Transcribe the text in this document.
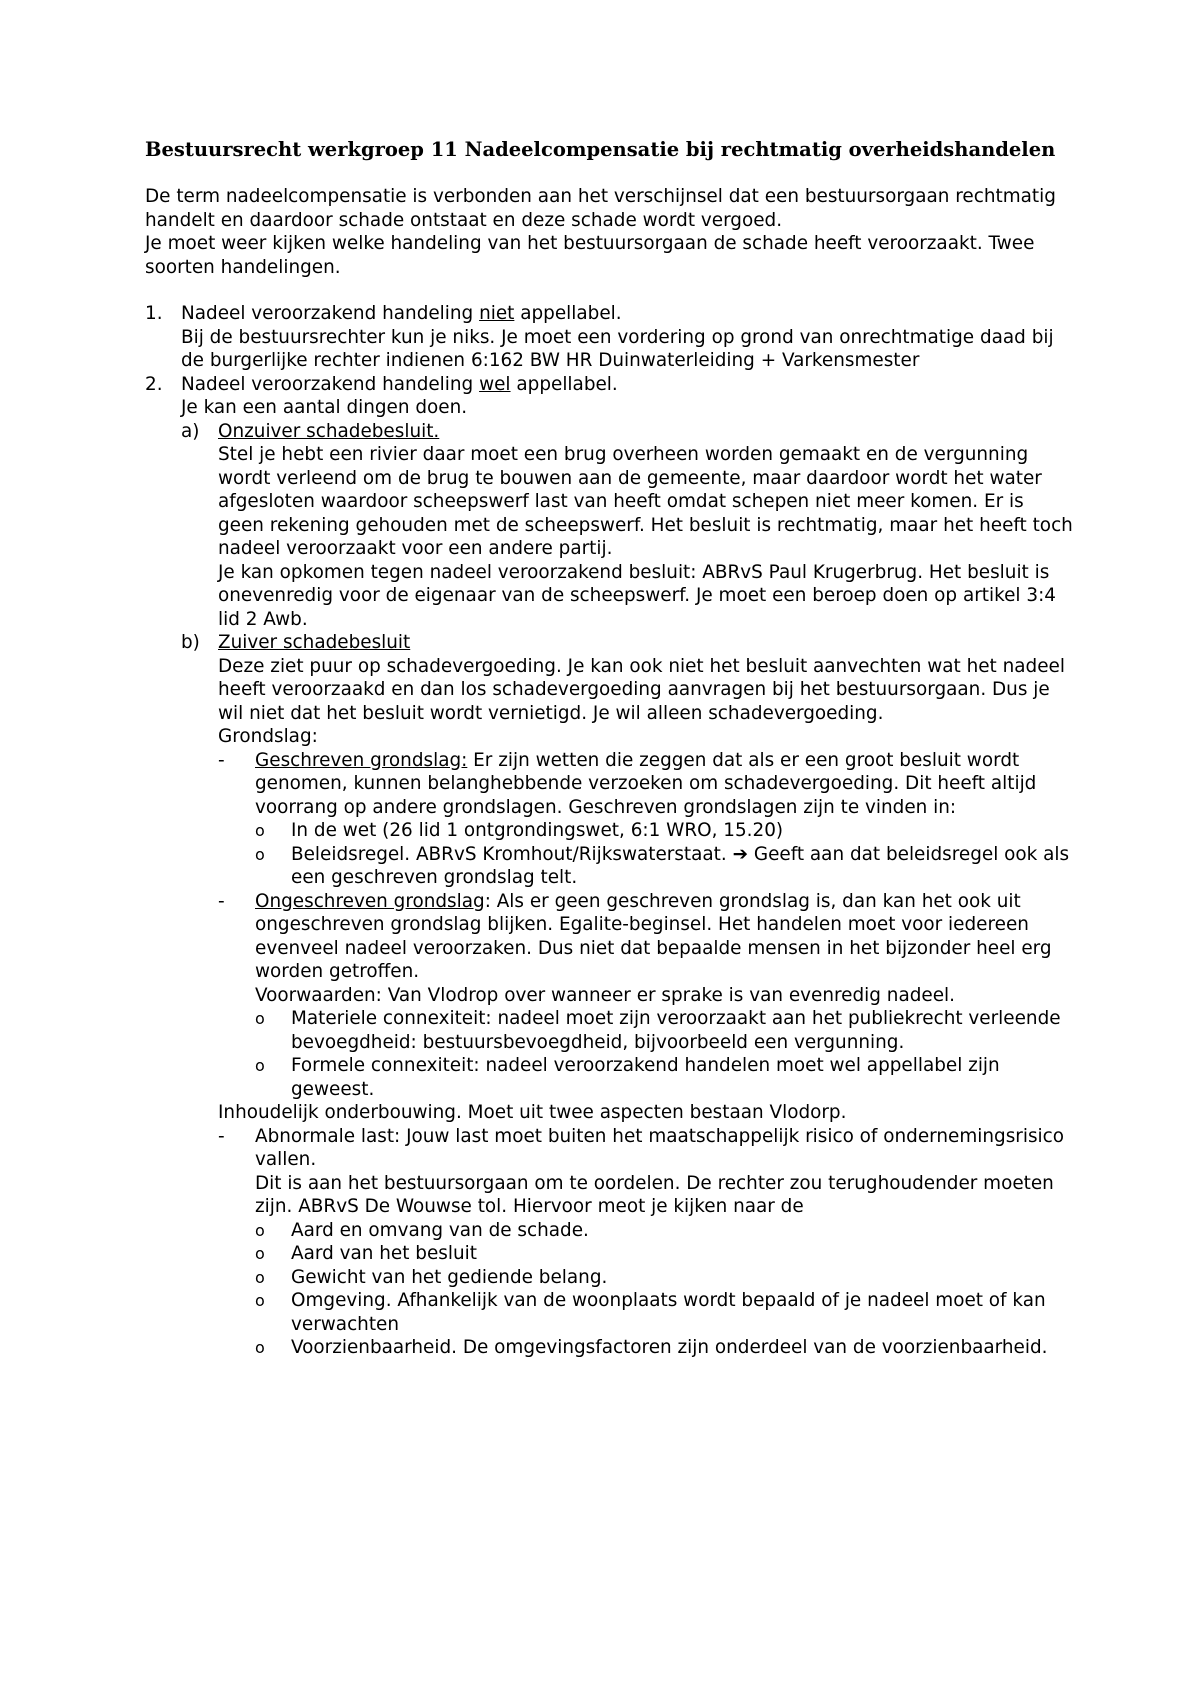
Bestuursrecht werkgroep 11 Nadeelcompensatie bij rechtmatig overheidshandelen

De term nadeelcompensatie is verbonden aan het verschijnsel dat een bestuursorgaan rechtmatig handelt en daardoor schade ontstaat en deze schade wordt vergoed.

Je moet weer kijken welke handeling van het bestuursorgaan de schade heeft veroorzaakt. Twee soorten handelingen.

1.	Nadeel veroorzakend handeling niet appellabel.

Bij de bestuursrechter kun je niks. Je moet een vordering op grond van onrechtmatige daad bij de burgerlijke rechter indienen 6:162 BW HR Duinwaterleiding + Varkensmester

2.	Nadeel veroorzakend handeling wel appellabel.

Je kan een aantal dingen doen.

a)	Onzuiver schadebesluit.

Stel je hebt een rivier daar moet een brug overheen worden gemaakt en de vergunning wordt verleend om de brug te bouwen aan de gemeente, maar daardoor wordt het water afgesloten waardoor scheepswerf last van heeft omdat schepen niet meer komen. Er is geen rekening gehouden met de scheepswerf. Het besluit is rechtmatig, maar het heeft toch nadeel veroorzaakt voor een andere partij.

Je kan opkomen tegen nadeel veroorzakend besluit: ABRvS Paul Krugerbrug. Het besluit is onevenredig voor de eigenaar van de scheepswerf. Je moet een beroep doen op artikel 3:4 lid 2 Awb.

b) Zuiver schadebesluit

Deze ziet puur op schadevergoeding. Je kan ook niet het besluit aanvechten wat het nadeel heeft veroorzaakd en dan los schadevergoeding aanvragen bij het bestuursorgaan. Dus je wil niet dat het besluit wordt vernietigd. Je wil alleen schadevergoeding.

Grondslag:

-	Geschreven grondslag: Er zijn wetten die zeggen dat als er een groot besluit wordt genomen, kunnen belanghebbende verzoeken om schadevergoeding. Dit heeft altijd voorrang op andere grondslagen. Geschreven grondslagen zijn te vinden in:

o	In de wet (26 lid 1 ontgrondingswet, 6:1 WRO, 15.20)

o	Beleidsregel. ABRvS Kromhout/Rijkswaterstaat. ➔ Geeft aan dat beleidsregel ook als een geschreven grondslag telt.

-	Ongeschreven grondslag: Als er geen geschreven grondslag is, dan kan het ook uit ongeschreven grondslag blijken. Egalite-beginsel. Het handelen moet voor iedereen evenveel nadeel veroorzaken. Dus niet dat bepaalde mensen in het bijzonder heel erg worden getroffen.

Voorwaarden: Van Vlodrop over wanneer er sprake is van evenredig nadeel.

o	Materiele connexiteit: nadeel moet zijn veroorzaakt aan het publiekrecht verleende bevoegdheid: bestuursbevoegdheid, bijvoorbeeld een vergunning.

o	Formele connexiteit: nadeel veroorzakend handelen moet wel appellabel zijn geweest.

Inhoudelijk onderbouwing. Moet uit twee aspecten bestaan Vlodorp.

-	Abnormale last: Jouw last moet buiten het maatschappelijk risico of ondernemingsrisico vallen.

Dit is aan het bestuursorgaan om te oordelen. De rechter zou terughoudender moeten zijn. ABRvS De Wouwse tol. Hiervoor meot je kijken naar de

o	Aard en omvang van de schade.

o	Aard van het besluit

o	Gewicht van het gediende belang.

o	Omgeving. Afhankelijk van de woonplaats wordt bepaald of je nadeel moet of kan verwachten

o	Voorzienbaarheid. De omgevingsfactoren zijn onderdeel van de voorzienbaarheid.
